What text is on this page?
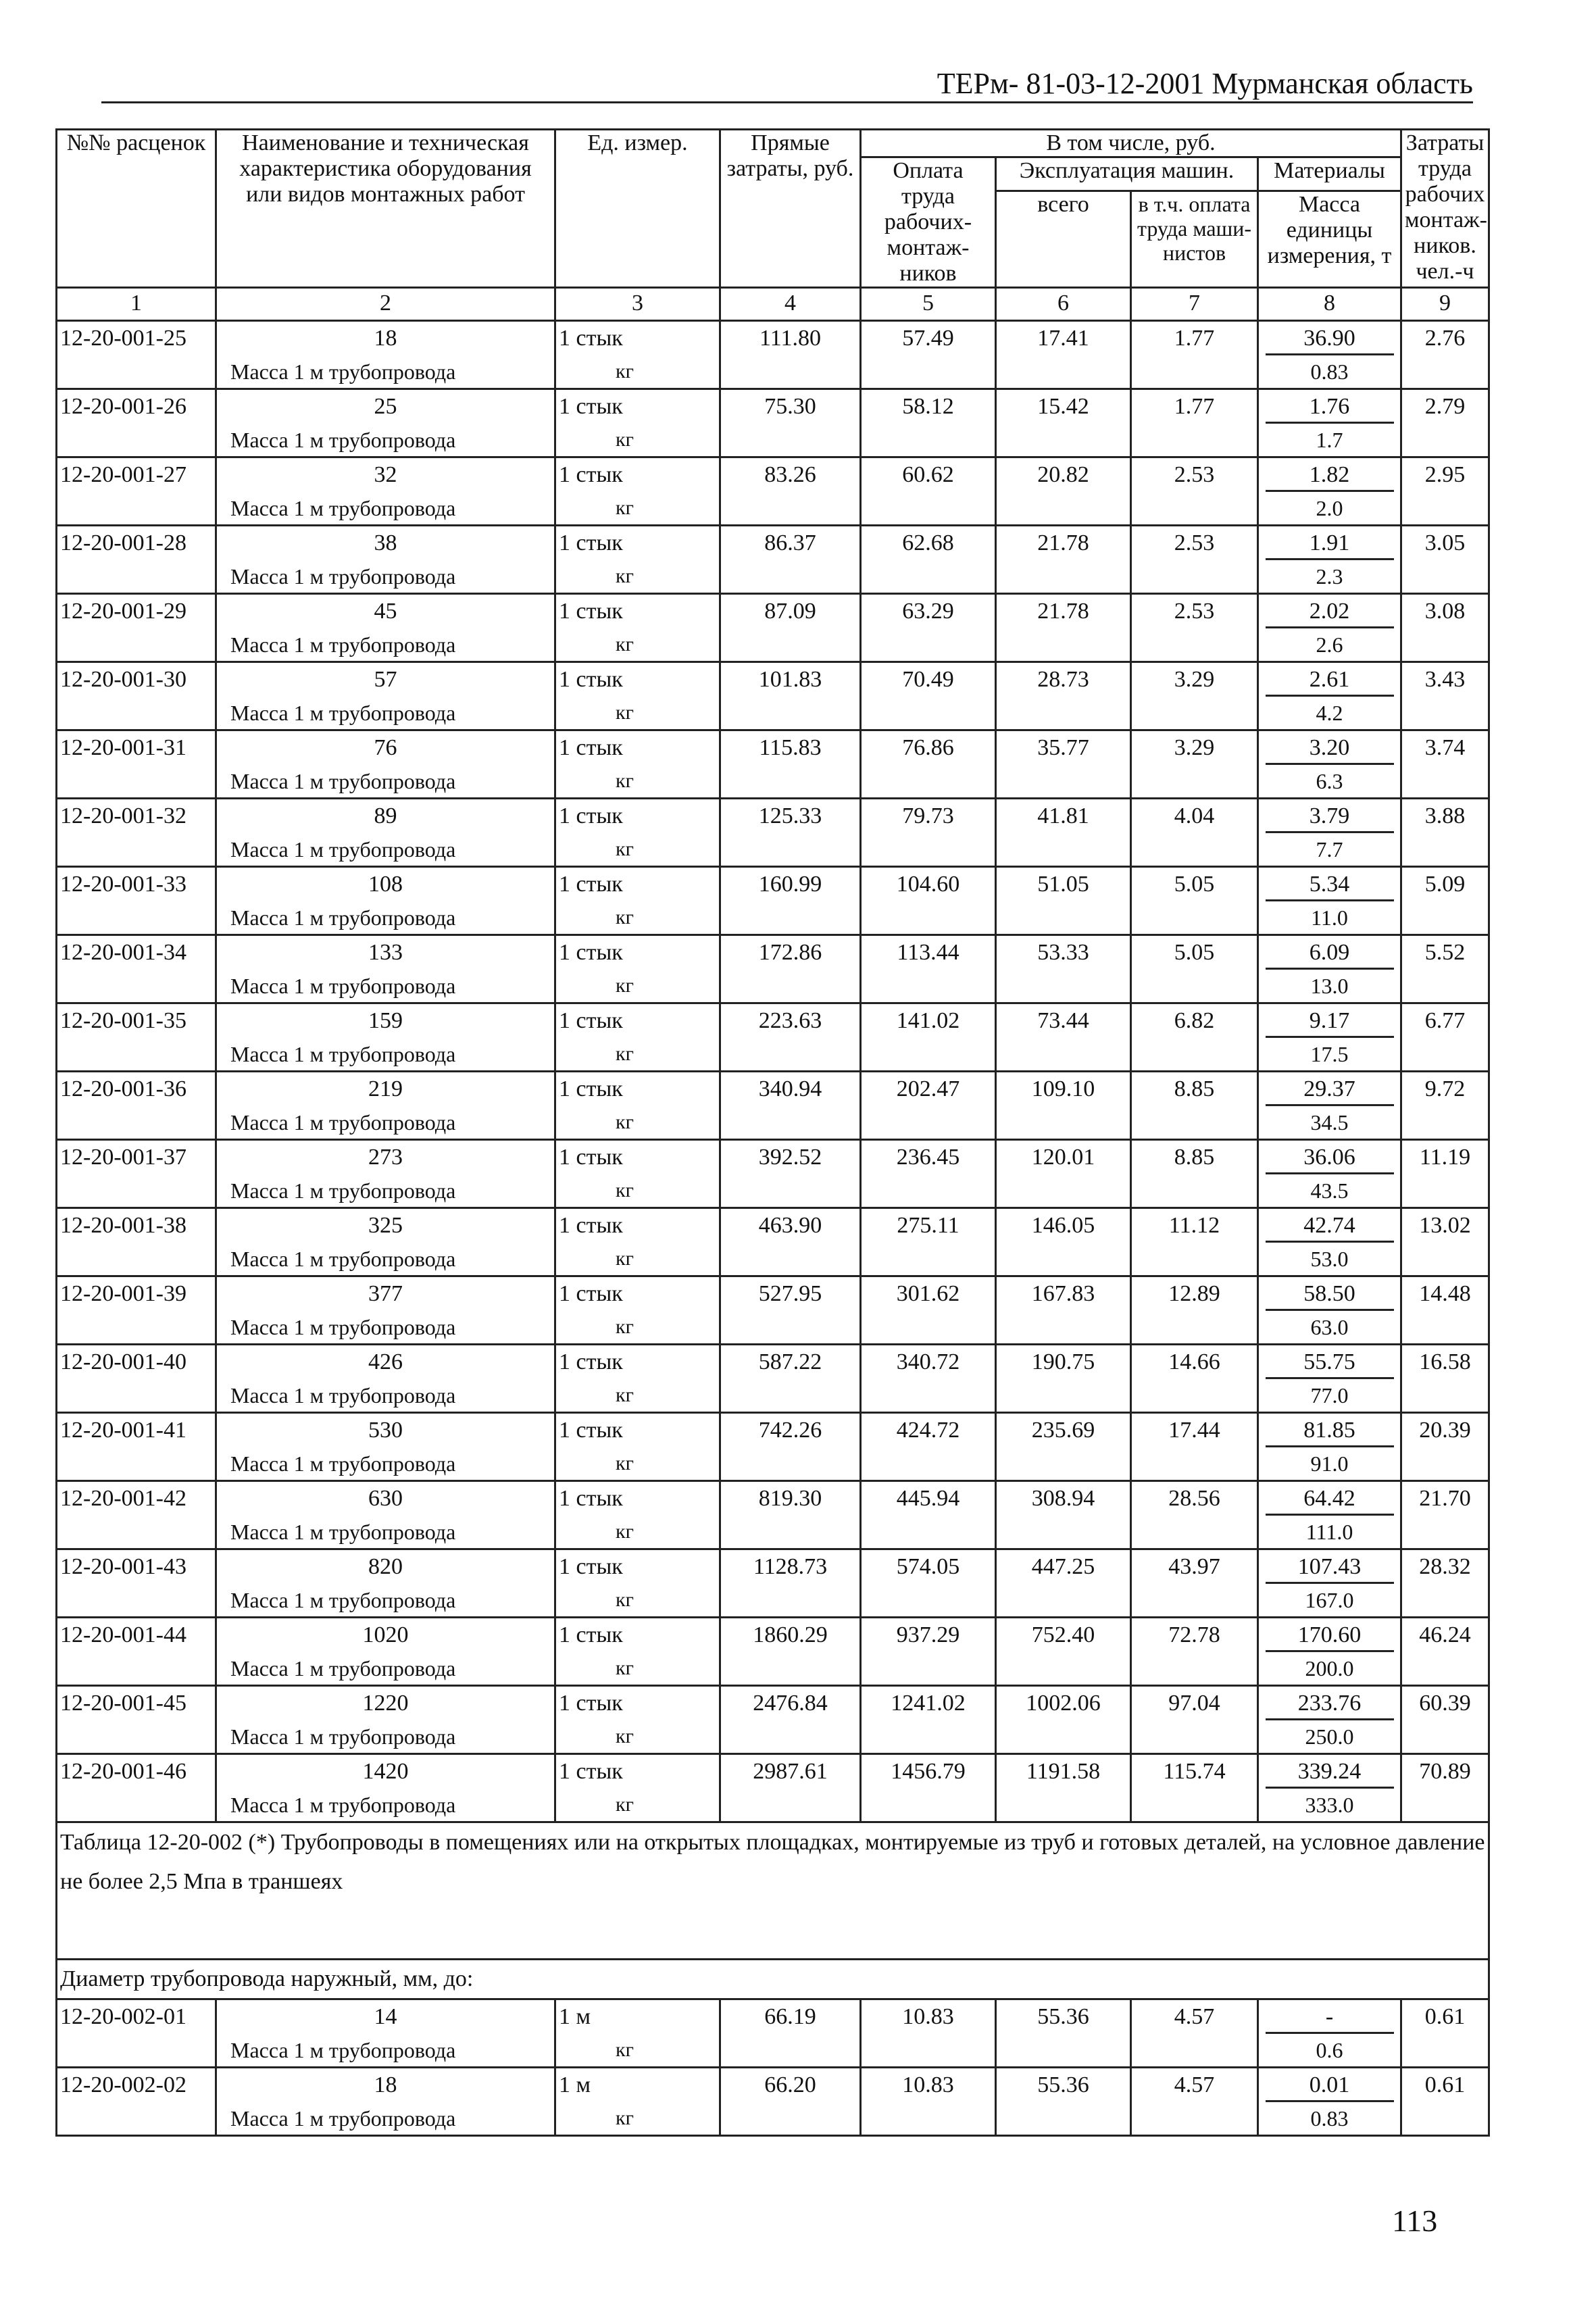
ТЕРм- 81-03-12-2001 Мурманская область
№№ расценок	Наименование и техническая характеристика оборудования или видов монтажных работ	Ед. измер.	Прямые затраты, руб.	В том числе, руб.				Затраты труда рабочих монтаж-ников. чел.-ч
				Оплата труда рабочих-монтаж-ников	Эксплуатация машин.		Материалы	
					всего	в т.ч. оплата труда маши-нистов	Масса единицы измерения, т	
1	2	3	4	5	6	7	8	9
12-20-001-25	18	1 стык	111.80	57.49	17.41	1.77	36.90	2.76
	Масса 1 м трубопровода	кг					0.83	
12-20-001-26	25	1 стык	75.30	58.12	15.42	1.77	1.76	2.79
	Масса 1 м трубопровода	кг					1.7	
12-20-001-27	32	1 стык	83.26	60.62	20.82	2.53	1.82	2.95
	Масса 1 м трубопровода	кг					2.0	
12-20-001-28	38	1 стык	86.37	62.68	21.78	2.53	1.91	3.05
	Масса 1 м трубопровода	кг					2.3	
12-20-001-29	45	1 стык	87.09	63.29	21.78	2.53	2.02	3.08
	Масса 1 м трубопровода	кг					2.6	
12-20-001-30	57	1 стык	101.83	70.49	28.73	3.29	2.61	3.43
	Масса 1 м трубопровода	кг					4.2	
12-20-001-31	76	1 стык	115.83	76.86	35.77	3.29	3.20	3.74
	Масса 1 м трубопровода	кг					6.3	
12-20-001-32	89	1 стык	125.33	79.73	41.81	4.04	3.79	3.88
	Масса 1 м трубопровода	кг					7.7	
12-20-001-33	108	1 стык	160.99	104.60	51.05	5.05	5.34	5.09
	Масса 1 м трубопровода	кг					11.0	
12-20-001-34	133	1 стык	172.86	113.44	53.33	5.05	6.09	5.52
	Масса 1 м трубопровода	кг					13.0	
12-20-001-35	159	1 стык	223.63	141.02	73.44	6.82	9.17	6.77
	Масса 1 м трубопровода	кг					17.5	
12-20-001-36	219	1 стык	340.94	202.47	109.10	8.85	29.37	9.72
	Масса 1 м трубопровода	кг					34.5	
12-20-001-37	273	1 стык	392.52	236.45	120.01	8.85	36.06	11.19
	Масса 1 м трубопровода	кг					43.5	
12-20-001-38	325	1 стык	463.90	275.11	146.05	11.12	42.74	13.02
	Масса 1 м трубопровода	кг					53.0	
12-20-001-39	377	1 стык	527.95	301.62	167.83	12.89	58.50	14.48
	Масса 1 м трубопровода	кг					63.0	
12-20-001-40	426	1 стык	587.22	340.72	190.75	14.66	55.75	16.58
	Масса 1 м трубопровода	кг					77.0	
12-20-001-41	530	1 стык	742.26	424.72	235.69	17.44	81.85	20.39
	Масса 1 м трубопровода	кг					91.0	
12-20-001-42	630	1 стык	819.30	445.94	308.94	28.56	64.42	21.70
	Масса 1 м трубопровода	кг					111.0	
12-20-001-43	820	1 стык	1128.73	574.05	447.25	43.97	107.43	28.32
	Масса 1 м трубопровода	кг					167.0	
12-20-001-44	1020	1 стык	1860.29	937.29	752.40	72.78	170.60	46.24
	Масса 1 м трубопровода	кг					200.0	
12-20-001-45	1220	1 стык	2476.84	1241.02	1002.06	97.04	233.76	60.39
	Масса 1 м трубопровода	кг					250.0	
12-20-001-46	1420	1 стык	2987.61	1456.79	1191.58	115.74	339.24	70.89
	Масса 1 м трубопровода	кг					333.0	
Таблица 12-20-002 (*) Трубопроводы в помещениях или на открытых площадках, монтируемые из труб и готовых деталей, на условное давление не более 2,5 Мпа в траншеях								
Диаметр трубопровода наружный, мм, до:								
12-20-002-01	14	1 м	66.19	10.83	55.36	4.57	-	0.61
	Масса 1 м трубопровода	кг					0.6	
12-20-002-02	18	1 м	66.20	10.83	55.36	4.57	0.01	0.61
	Масса 1 м трубопровода	кг					0.83	
113
